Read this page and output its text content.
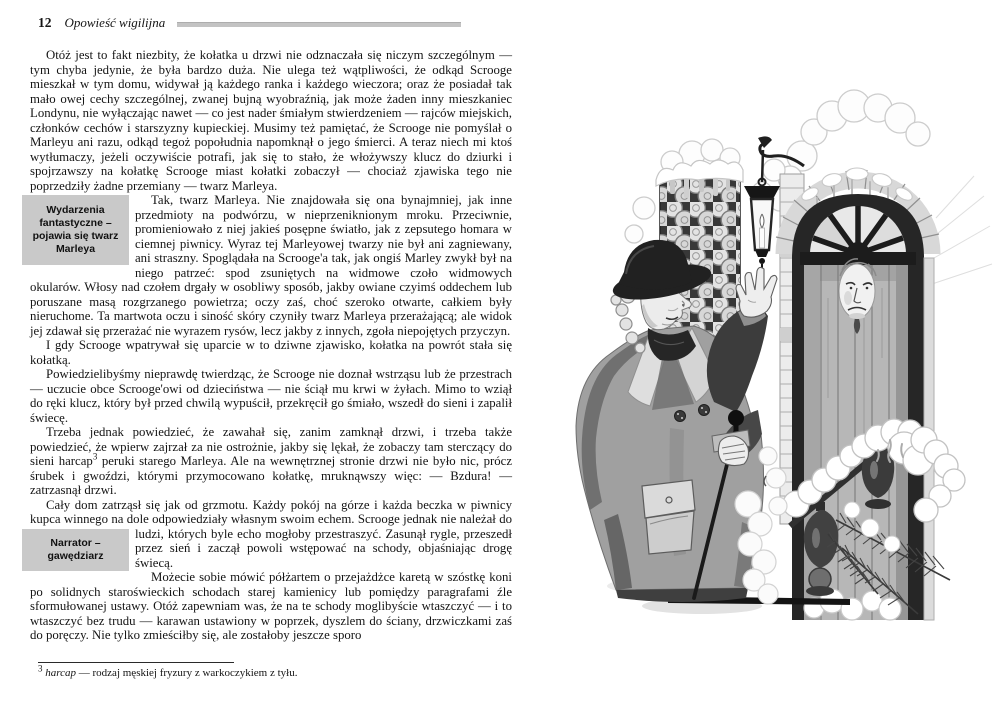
12 Opowieść wigilijna

Otóż jest to fakt niezbity, że kołatka u drzwi nie odznaczała się niczym szczególnym — tym chyba jedynie, że była bardzo duża. Nie ulega też wątpliwości, że odkąd Scrooge mieszkał w tym domu, widywał ją każdego ranka i każdego wieczora; oraz że posiadał tak mało owej cechy szczególnej, zwanej bujną wyobraźnią, jak może żaden inny mieszkaniec Londynu, nie wyłączając nawet — co jest nader śmiałym stwierdzeniem — rajców miejskich, członków cechów i starszyzny kupieckiej. Musimy też pamiętać, że Scrooge nie pomyślał o Marleyu ani razu, odkąd tegoż popołudnia napomknął o jego śmierci. A teraz niech mi ktoś wytłumaczy, jeżeli oczywiście potrafi, jak się to stało, że włożywszy klucz do dziurki i spojrzawszy na kołatkę Scrooge miast kołatki zobaczył — chociaż zjawiska tego nie poprzedziły żadne przemiany — twarz Marleya.

Wydarzenia fantastyczne – pojawia się twarz Marleya
Tak, twarz Marleya. Nie znajdowała się ona bynajmniej, jak inne przedmioty na podwórzu, w nieprzeniknionym mroku. Przeciwnie, promieniowało z niej jakieś posępne światło, jak z zepsutego homara w ciemnej piwnicy. Wyraz tej Marleyowej twarzy nie był ani zagniewany, ani straszny. Spoglądała na Scrooge'a tak, jak ongiś Marley zwykł był na niego patrzeć: spod zsuniętych na widmowe czoło widmowych okularów. Włosy nad czołem drgały w osobliwy sposób, jakby owiane czyimś oddechem lub poruszane masą rozgrzanego powietrza; oczy zaś, choć szeroko otwarte, całkiem były nieruchome. Ta martwota oczu i siność skóry czyniły twarz Marleya przerażającą; ale widok jej zdawał się przerażać nie wyrazem rysów, lecz jakby z innych, zgoła niepojętych przyczyn.

I gdy Scrooge wpatrywał się uparcie w to dziwne zjawisko, kołatka na powrót stała się kołatką.

Powiedzielibyśmy nieprawdę twierdząc, że Scrooge nie doznał wstrząsu lub że przestrach — uczucie obce Scrooge'owi od dzieciństwa — nie ściął mu krwi w żyłach. Mimo to wziął do ręki klucz, który był przed chwilą wypuścił, przekręcił go śmiało, wszedł do sieni i zapalił świecę.

Trzeba jednak powiedzieć, że zawahał się, zanim zamknął drzwi, i trzeba także powiedzieć, że wpierw zajrzał za nie ostrożnie, jakby się lękał, że zobaczy tam sterczący do sieni harcap$^3$ peruki starego Marleya. Ale na wewnętrznej stronie drzwi nie było nic, prócz śrubek i gwoździ, którymi przymocowano kołatkę, mruknąwszy więc: — Bzdura! — zatrzasnął drzwi.

Cały dom zatrząsł się jak od grzmotu. Każdy pokój na górze i każda beczka w piwnicy kupca winnego na dole odpowiedziały własnym swoim echem. Scrooge jednak nie należał do ludzi, których byle echo mogłoby przestraszyć. Zasunął rygle,
Narrator – gawędziarz
przeszedł przez sień i zaczął powoli wstępować na schody, objaśniając drogę świecą.

Możecie sobie mówić półżartem o przejażdżce karetą w szóstkę koni po solidnych staroświeckich schodach starej kamienicy lub pomiędzy paragrafami źle sformułowanej ustawy. Otóż zapewniam was, że na te schody moglibyście wtaszczyć — i to wtaszczyć bez trudu — karawan ustawiony w poprzek, dyszlem do ściany, drzwiczkami zaś do poręczy. Nie tylko zmieściłby się, ale zostałoby jeszcze sporo

$^3$ harcap — rodzaj męskiej fryzury z warkoczykiem z tyłu.
